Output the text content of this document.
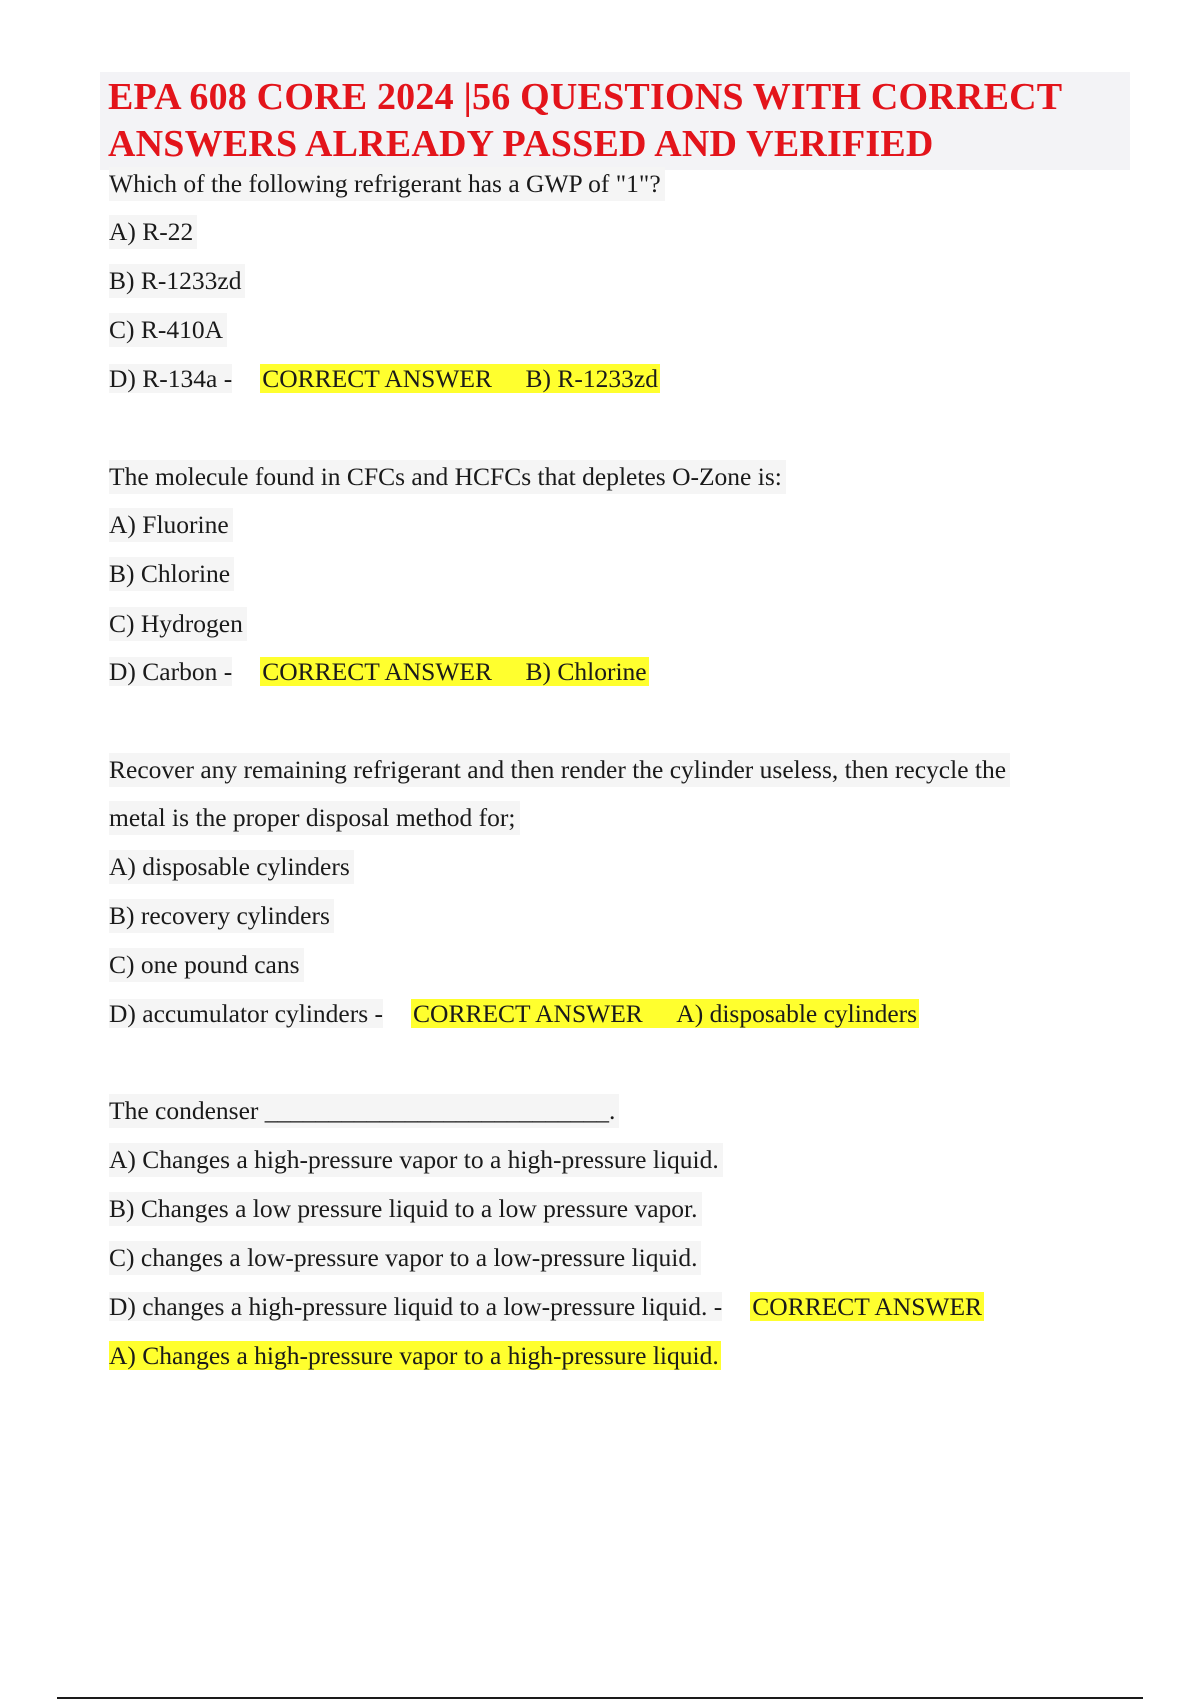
EPA 608 CORE 2024 |56 QUESTIONS WITH CORRECT ANSWERS ALREADY PASSED AND VERIFIED
Which of the following refrigerant has a GWP of "1"?
A) R-22
B) R-1233zd
C) R-410A
D) R-134a - CORRECT ANSWER B) R-1233zd
The molecule found in CFCs and HCFCs that depletes O-Zone is:
A) Fluorine
B) Chlorine
C) Hydrogen
D) Carbon - CORRECT ANSWER B) Chlorine
Recover any remaining refrigerant and then render the cylinder useless, then recycle the
metal is the proper disposal method for;
A) disposable cylinders
B) recovery cylinders
C) one pound cans
D) accumulator cylinders - CORRECT ANSWER A) disposable cylinders
The condenser ___________________________.
A) Changes a high-pressure vapor to a high-pressure liquid.
B) Changes a low pressure liquid to a low pressure vapor.
C) changes a low-pressure vapor to a low-pressure liquid.
D) changes a high-pressure liquid to a low-pressure liquid. - CORRECT ANSWER
A) Changes a high-pressure vapor to a high-pressure liquid.
